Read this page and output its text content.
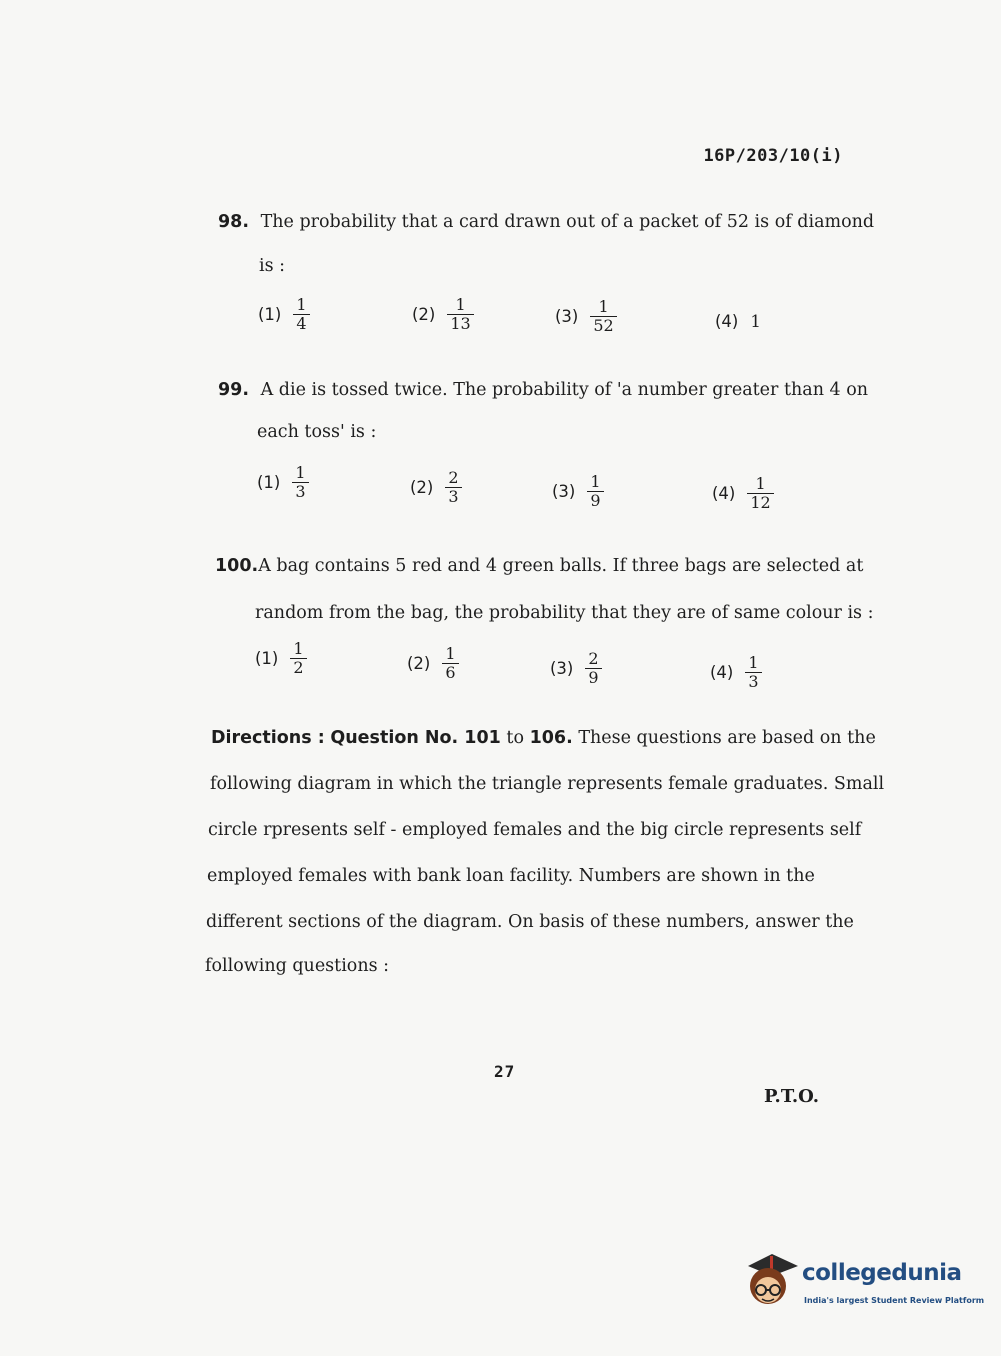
16P/203/10(i)
98. The probability that a card drawn out of a packet of 52 is of diamond
is :
$(1) \frac{1}{4}$	$(2) \frac{1}{13}$	$(3) \frac{1}{52}$	(4) 1
99. A die is tossed twice. The probability of 'a number greater than 4 on
each toss' is :
$(1) \frac{1}{3}$	$(2) \frac{2}{3}$	$(3) \frac{1}{9}$	$(4) \frac{1}{12}$
100.A bag contains 5 red and 4 green balls. If three bags are selected at
random from the bag, the probability that they are of same colour is :
$(1) \frac{1}{2}$	$(2) \frac{1}{6}$	$(3) \frac{2}{9}$	$(4) \frac{1}{3}$
Directions : Question No. 101 to 106. These questions are based on the
following diagram in which the triangle represents female graduates. Small
circle rpresents self - employed females and the big circle represents self
employed females with bank loan facility. Numbers are shown in the
different sections of the diagram. On basis of these numbers, answer the
following questions :
27
P.T.O.
collegedunia
India's largest Student Review Platform
